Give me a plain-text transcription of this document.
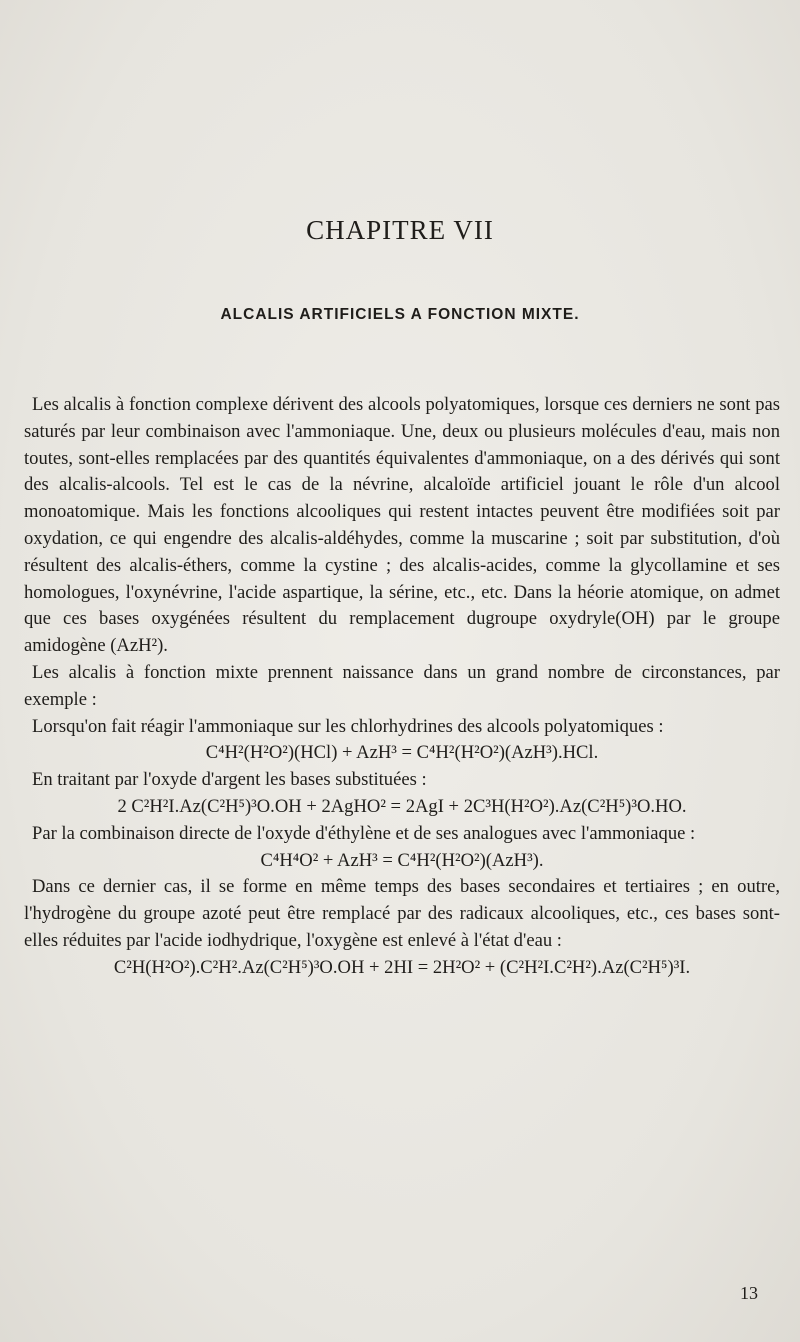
CHAPITRE VII
ALCALIS ARTIFICIELS A FONCTION MIXTE.

Les alcalis à fonction complexe dérivent des alcools polyatomiques, lorsque ces derniers ne sont pas saturés par leur combinaison avec l'ammoniaque. Une, deux ou plusieurs molécules d'eau, mais non toutes, sont-elles remplacées par des quantités équivalentes d'ammoniaque, on a des dérivés qui sont des alcalis-alcools. Tel est le cas de la névrine, alcaloïde artificiel jouant le rôle d'un alcool monoatomique. Mais les fonctions alcooliques qui restent intactes peuvent être modifiées soit par oxydation, ce qui engendre des alcalis-aldéhydes, comme la muscarine ; soit par substitution, d'où résultent des alcalis-éthers, comme la cystine ; des alcalis-acides, comme la glycollamine et ses homologues, l'oxynévrine, l'acide aspartique, la sérine, etc., etc. Dans la héorie atomique, on admet que ces bases oxygénées résultent du remplacement dugroupe oxydryle(OH) par le groupe amidogène (AzH²).

Les alcalis à fonction mixte prennent naissance dans un grand nombre de circonstances, par exemple :

Lorsqu'on fait réagir l'ammoniaque sur les chlorhydrines des alcools polyatomiques :

C⁴H²(H²O²)(HCl) + AzH³ = C⁴H²(H²O²)(AzH³).HCl.

En traitant par l'oxyde d'argent les bases substituées :

2 C²H²I.Az(C²H⁵)³O.OH + 2AgHO² = 2AgI + 2C³H(H²O²).Az(C²H⁵)³O.HO.

Par la combinaison directe de l'oxyde d'éthylène et de ses analogues avec l'ammoniaque :

C⁴H⁴O² + AzH³ = C⁴H²(H²O²)(AzH³).

Dans ce dernier cas, il se forme en même temps des bases secondaires et tertiaires ; en outre, l'hydrogène du groupe azoté peut être remplacé par des radicaux alcooliques, etc., ces bases sont-elles réduites par l'acide iodhydrique, l'oxygène est enlevé à l'état d'eau :

C²H(H²O²).C²H².Az(C²H⁵)³O.OH + 2HI = 2H²O² + (C²H²I.C²H²).Az(C²H⁵)³I.

13
